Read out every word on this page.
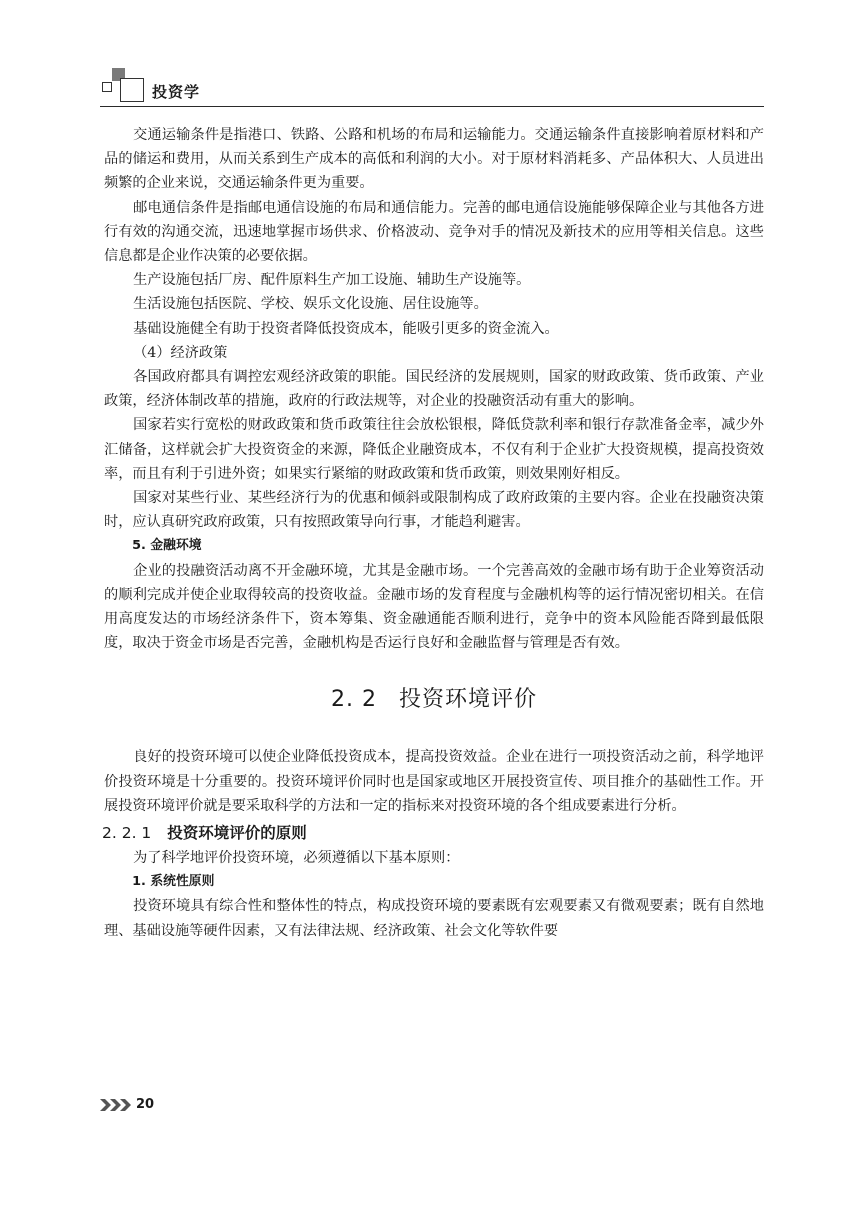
投资学

交通运输条件是指港口、铁路、公路和机场的布局和运输能力。交通运输条件直接影响着原材料和产品的储运和费用，从而关系到生产成本的高低和利润的大小。对于原材料消耗多、产品体积大、人员进出频繁的企业来说，交通运输条件更为重要。

邮电通信条件是指邮电通信设施的布局和通信能力。完善的邮电通信设施能够保障企业与其他各方进行有效的沟通交流，迅速地掌握市场供求、价格波动、竞争对手的情况及新技术的应用等相关信息。这些信息都是企业作决策的必要依据。

生产设施包括厂房、配件原料生产加工设施、辅助生产设施等。

生活设施包括医院、学校、娱乐文化设施、居住设施等。

基础设施健全有助于投资者降低投资成本，能吸引更多的资金流入。

（4）经济政策

各国政府都具有调控宏观经济政策的职能。国民经济的发展规则，国家的财政政策、货币政策、产业政策，经济体制改革的措施，政府的行政法规等，对企业的投融资活动有重大的影响。

国家若实行宽松的财政政策和货币政策往往会放松银根，降低贷款利率和银行存款准备金率，减少外汇储备，这样就会扩大投资资金的来源，降低企业融资成本，不仅有利于企业扩大投资规模，提高投资效率，而且有利于引进外资；如果实行紧缩的财政政策和货币政策，则效果刚好相反。

国家对某些行业、某些经济行为的优惠和倾斜或限制构成了政府政策的主要内容。企业在投融资决策时，应认真研究政府政策，只有按照政策导向行事，才能趋利避害。

5. 金融环境

企业的投融资活动离不开金融环境，尤其是金融市场。一个完善高效的金融市场有助于企业筹资活动的顺利完成并使企业取得较高的投资收益。金融市场的发育程度与金融机构等的运行情况密切相关。在信用高度发达的市场经济条件下，资本筹集、资金融通能否顺利进行，竞争中的资本风险能否降到最低限度，取决于资金市场是否完善，金融机构是否运行良好和金融监督与管理是否有效。

2. 2 投资环境评价

良好的投资环境可以使企业降低投资成本，提高投资效益。企业在进行一项投资活动之前，科学地评价投资环境是十分重要的。投资环境评价同时也是国家或地区开展投资宣传、项目推介的基础性工作。开展投资环境评价就是要采取科学的方法和一定的指标来对投资环境的各个组成要素进行分析。

2. 2. 1 投资环境评价的原则

为了科学地评价投资环境，必须遵循以下基本原则：

1. 系统性原则

投资环境具有综合性和整体性的特点，构成投资环境的要素既有宏观要素又有微观要素；既有自然地理、基础设施等硬件因素，又有法律法规、经济政策、社会文化等软件要

20
